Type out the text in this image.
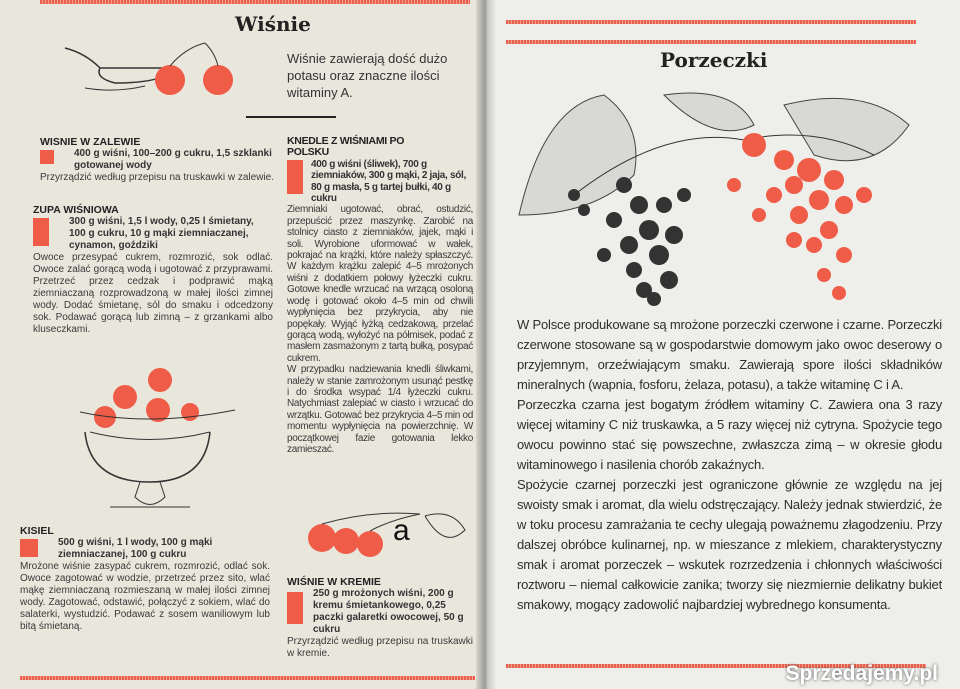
Wiśnie
Wiśnie zawierają dość dużo potasu oraz znaczne ilości witaminy A.
a
WISNIE W ZALEWIE
400 g wiśni, 100–200 g cukru, 1,5 szklanki gotowanej wody
Przyrządzić według przepisu na truskawki w zalewie.
ZUPA WIŚNIOWA
300 g wiśni, 1,5 l wody, 0,25 l śmietany, 100 g cukru, 10 g mąki ziemniaczanej, cynamon, goździki
Owoce przesypać cukrem, rozmrozić, sok odlać. Owoce zalać gorącą wodą i ugotować z przyprawami. Przetrzeć przez cedzak i podprawić mąką ziemniaczaną rozprowadzoną w małej ilości zimnej wody. Dodać śmietanę, sól do smaku i odcedzony sok. Podawać gorącą lub zimną – z grzankami albo kluseczkami.
KISIEL
500 g wiśni, 1 l wody, 100 g mąki ziemniaczanej, 100 g cukru
Mrożone wiśnie zasypać cukrem, rozmrozić, odlać sok. Owoce zagotować w wodzie, przetrzeć przez sito, wlać mąkę ziemniaczaną rozmieszaną w małej ilości zimnej wody. Zagotować, odstawić, połączyć z sokiem, wlać do salaterki, wystudzić. Podawać z sosem waniliowym lub bitą śmietaną.
KNEDLE Z WIŚNIAMI PO POLSKU
400 g wiśni (śliwek), 700 g ziemniaków, 300 g mąki, 2 jaja, sól, 80 g masła, 5 g tartej bułki, 40 g cukru
Ziemniaki ugotować, obrać, ostudzić, przepuścić przez maszynkę. Zarobić na stolnicy ciasto z ziemniaków, jajek, mąki i soli. Wyrobione uformować w wałek, pokrajać na krążki, które należy spłaszczyć. W każdym krążku zalepić 4–5 mrożonych wiśni z dodatkiem połowy łyżeczki cukru. Gotowe knedle wrzucać na wrzącą osoloną wodę i gotować około 4–5 min od chwili wypłynięcia bez przykrycia, aby nie popękały. Wyjąć łyżką cedzakową, przelać gorącą wodą, wyłożyć na półmisek, podać z masłem zasmażonym z tartą bułką, posypać cukrem.
W przypadku nadziewania knedli śliwkami, należy w stanie zamrożonym usunąć pestkę i do środka wsypać 1/4 łyżeczki cukru. Natychmiast zalepiać w ciasto i wrzucać do wrzątku. Gotować bez przykrycia 4–5 min od momentu wypłynięcia na powierzchnię. W początkowej fazie gotowania lekko zamieszać.
WIŚNIE W KREMIE
250 g mrożonych wiśni, 200 g kremu śmietankowego, 0,25 paczki galaretki owocowej, 50 g cukru
Przyrządzić według przepisu na truskawki w kremie.
Porzeczki

W Polsce produkowane są mrożone porzeczki czerwone i czarne. Porzeczki czerwone stosowane są w gospodarstwie domowym jako owoc deserowy o przyjemnym, orzeźwiającym smaku. Zawierają spore ilości składników mineralnych (wapnia, fosforu, żelaza, potasu), a także witaminę C i A.

Porzeczka czarna jest bogatym źródłem witaminy C. Zawiera ona 3 razy więcej witaminy C niż truskawka, a 5 razy więcej niż cytryna. Spożycie tego owocu powinno stać się powszechne, zwłaszcza zimą – w okresie głodu witaminowego i nasilenia chorób zakaźnych.

Spożycie czarnej porzeczki jest ograniczone głównie ze względu na jej swoisty smak i aromat, dla wielu odstręczający. Należy jednak stwierdzić, że w toku procesu zamrażania te cechy ulegają poważnemu złagodzeniu. Przy dalszej obróbce kulinarnej, np. w mieszance z mlekiem, charakterystyczny smak i aromat porzeczek – wskutek rozrzedzenia i chłonnych właściwości roztworu – niemal całkowicie zanika; tworzy się niezmiernie delikatny bukiet smakowy, mogący zadowolić najbardziej wybrednego konsumenta.

Sprzedajemy.pl
